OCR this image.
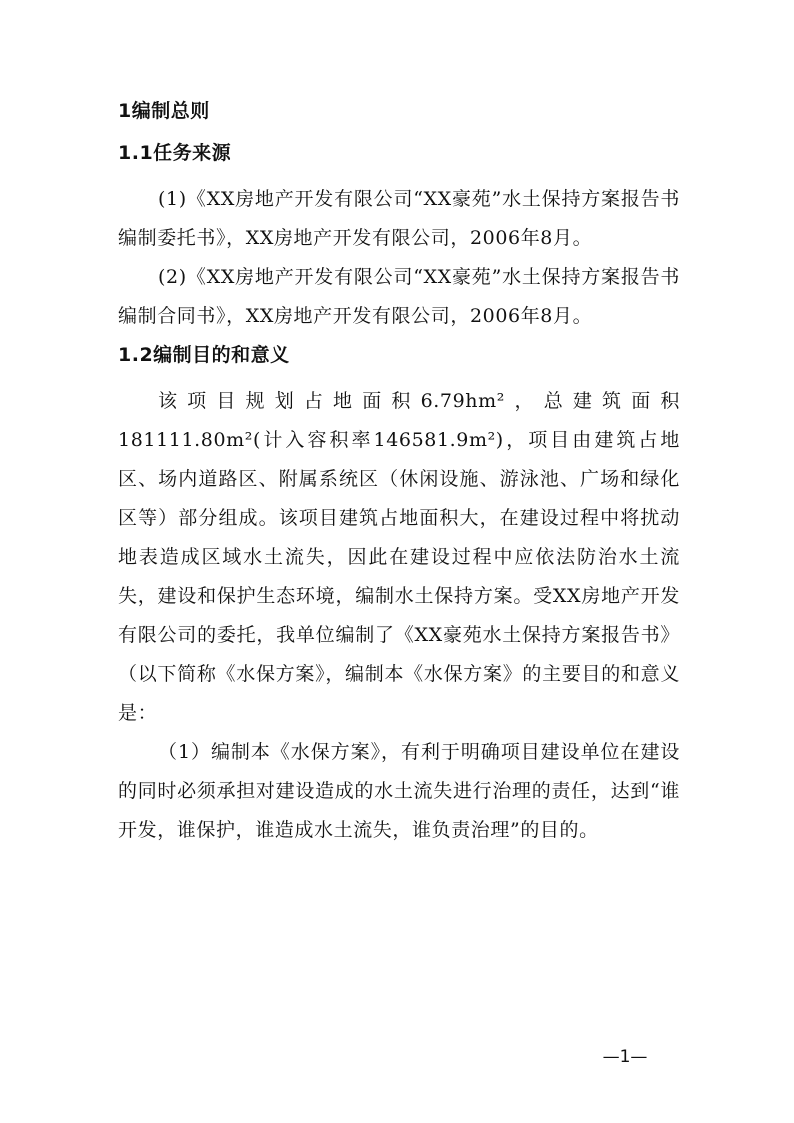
1编制总则
1.1任务来源

(1)《XX房地产开发有限公司“XX豪苑”水土保持方案报告书编制委托书》，XX房地产开发有限公司，2006年8月。

(2)《XX房地产开发有限公司“XX豪苑”水土保持方案报告书编制合同书》，XX房地产开发有限公司，2006年8月。

1.2编制目的和意义

该项目规划占地面积6.79hm²，总建筑面积181111.80m²(计入容积率146581.9m²)，项目由建筑占地区、场内道路区、附属系统区（休闲设施、游泳池、广场和绿化区等）部分组成。该项目建筑占地面积大，在建设过程中将扰动地表造成区域水土流失，因此在建设过程中应依法防治水土流失，建设和保护生态环境，编制水土保持方案。受XX房地产开发有限公司的委托，我单位编制了《XX豪苑水土保持方案报告书》（以下简称《水保方案》，编制本《水保方案》的主要目的和意义是：

（1）编制本《水保方案》，有利于明确项目建设单位在建设的同时必须承担对建设造成的水土流失进行治理的责任，达到“谁开发，谁保护，谁造成水土流失，谁负责治理”的目的。

—1—
